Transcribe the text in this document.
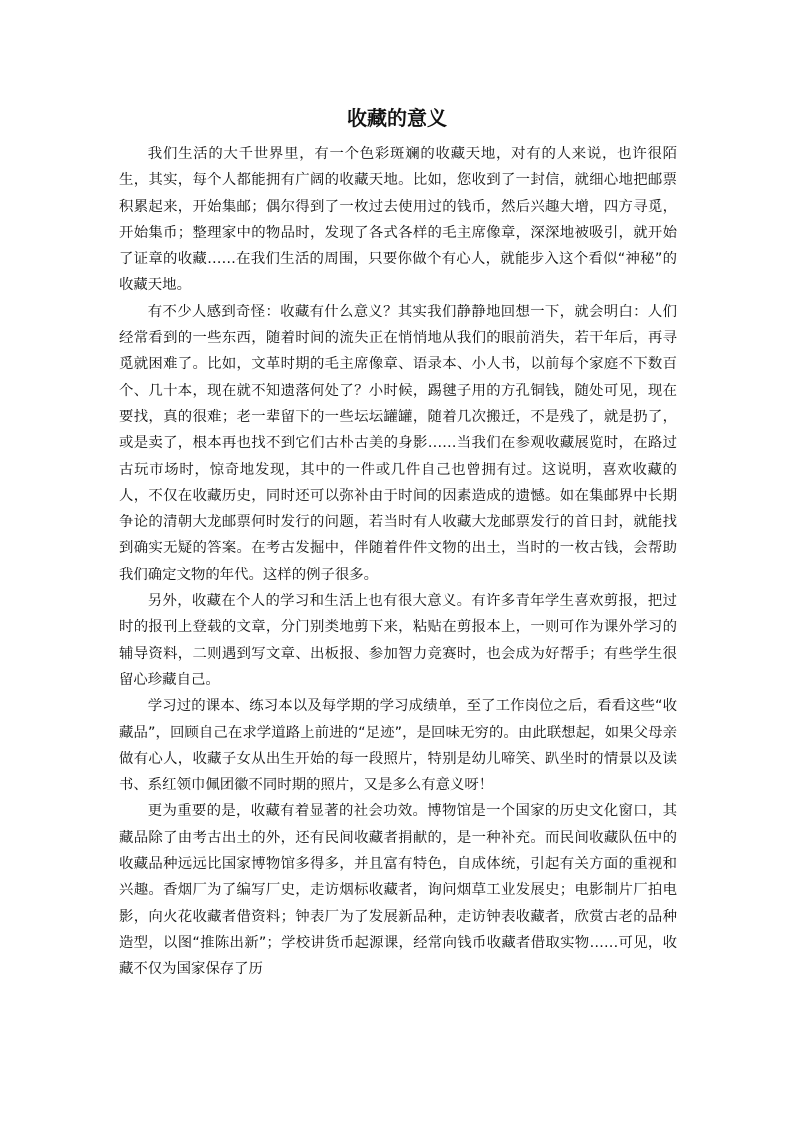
收藏的意义

我们生活的大千世界里，有一个色彩斑斓的收藏天地，对有的人来说，也许很陌生，其实，每个人都能拥有广阔的收藏天地。比如，您收到了一封信，就细心地把邮票积累起来，开始集邮；偶尔得到了一枚过去使用过的钱币，然后兴趣大增，四方寻觅，开始集币；整理家中的物品时，发现了各式各样的毛主席像章，深深地被吸引，就开始了证章的收藏……在我们生活的周围，只要你做个有心人，就能步入这个看似“神秘”的收藏天地。

有不少人感到奇怪：收藏有什么意义？其实我们静静地回想一下，就会明白：人们经常看到的一些东西，随着时间的流失正在悄悄地从我们的眼前消失，若干年后，再寻觅就困难了。比如，文革时期的毛主席像章、语录本、小人书，以前每个家庭不下数百个、几十本，现在就不知遗落何处了？小时候，踢毽子用的方孔铜钱，随处可见，现在要找，真的很难；老一辈留下的一些坛坛罐罐，随着几次搬迁，不是残了，就是扔了，或是卖了，根本再也找不到它们古朴古美的身影……当我们在参观收藏展览时，在路过古玩市场时，惊奇地发现，其中的一件或几件自己也曾拥有过。这说明，喜欢收藏的人，不仅在收藏历史，同时还可以弥补由于时间的因素造成的遗憾。如在集邮界中长期争论的清朝大龙邮票何时发行的问题，若当时有人收藏大龙邮票发行的首日封，就能找到确实无疑的答案。在考古发掘中，伴随着件件文物的出土，当时的一枚古钱，会帮助我们确定文物的年代。这样的例子很多。

另外，收藏在个人的学习和生活上也有很大意义。有许多青年学生喜欢剪报，把过时的报刊上登载的文章，分门别类地剪下来，粘贴在剪报本上，一则可作为课外学习的辅导资料，二则遇到写文章、出板报、参加智力竞赛时，也会成为好帮手；有些学生很留心珍藏自己。

学习过的课本、练习本以及每学期的学习成绩单，至了工作岗位之后，看看这些“收藏品”，回顾自己在求学道路上前进的“足迹”，是回味无穷的。由此联想起，如果父母亲做有心人，收藏子女从出生开始的每一段照片，特别是幼儿啼笑、趴坐时的情景以及读书、系红领巾佩团徽不同时期的照片，又是多么有意义呀！

更为重要的是，收藏有着显著的社会功效。博物馆是一个国家的历史文化窗口，其藏品除了由考古出土的外，还有民间收藏者捐献的，是一种补充。而民间收藏队伍中的收藏品种远远比国家博物馆多得多，并且富有特色，自成体统，引起有关方面的重视和兴趣。香烟厂为了编写厂史，走访烟标收藏者，询问烟草工业发展史；电影制片厂拍电影，向火花收藏者借资料；钟表厂为了发展新品种，走访钟表收藏者，欣赏古老的品种造型，以图“推陈出新”；学校讲货币起源课，经常向钱币收藏者借取实物……可见，收藏不仅为国家保存了历
